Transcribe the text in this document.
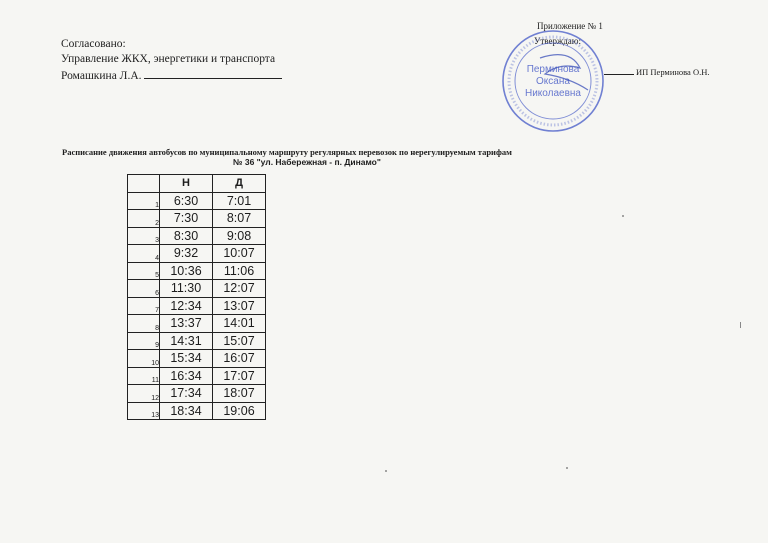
Согласовано:
Управление ЖКХ, энергетики и транспорта
Ромашкина Л.А.
Приложение № 1
Утверждаю:
Перминова
Оксана
Николаевна
ИП Перминова О.Н.
Расписание движения автобусов по муниципальному маршруту регулярных перевозок по нерегулируемым тарифам
№ 36 "ул. Набережная - п. Динамо"
	Н	Д
1	6:30	7:01
2	7:30	8:07
3	8:30	9:08
4	9:32	10:07
5	10:36	11:06
6	11:30	12:07
7	12:34	13:07
8	13:37	14:01
9	14:31	15:07
10	15:34	16:07
11	16:34	17:07
12	17:34	18:07
13	18:34	19:06
